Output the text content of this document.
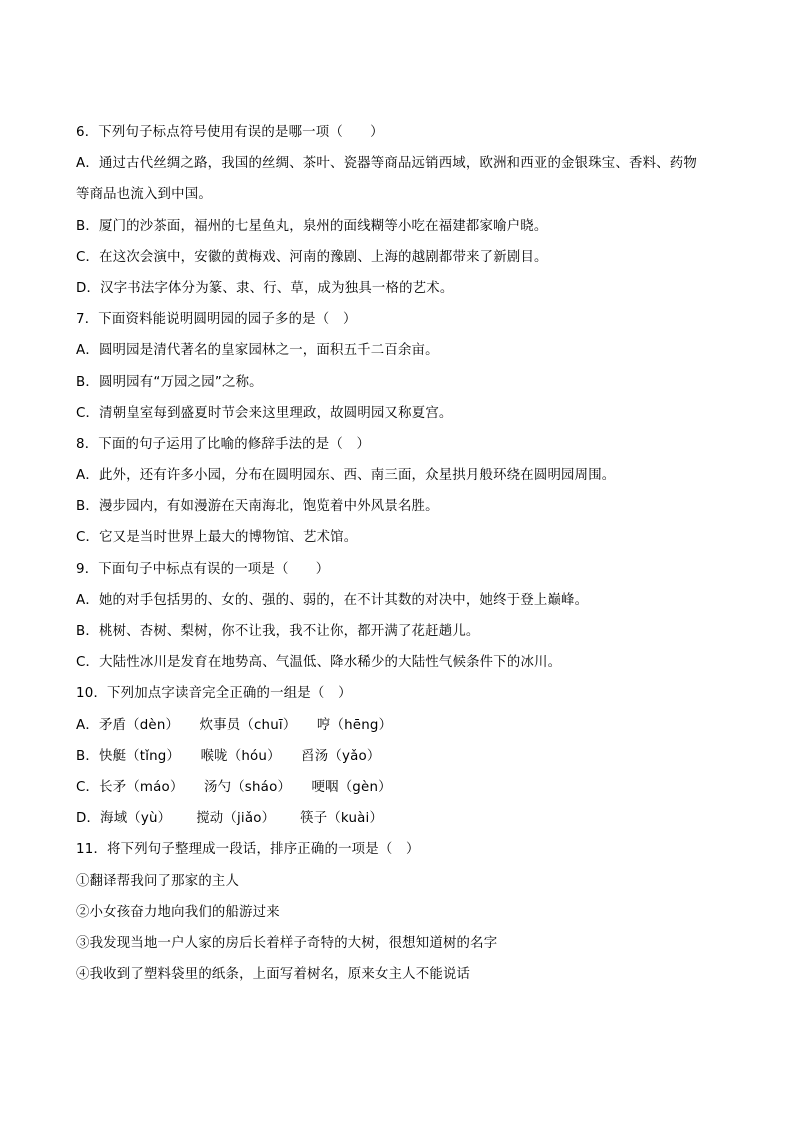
6．下列句子标点符号使用有误的是哪一项（　　）
A．通过古代丝绸之路，我国的丝绸、茶叶、瓷器等商品远销西域，欧洲和西亚的金银珠宝、香料、药物
等商品也流入到中国。
B．厦门的沙茶面，福州的七星鱼丸，泉州的面线糊等小吃在福建都家喻户晓。
C．在这次会演中，安徽的黄梅戏、河南的豫剧、上海的越剧都带来了新剧目。
D．汉字书法字体分为篆、隶、行、草，成为独具一格的艺术。
7．下面资料能说明圆明园的园子多的是（　）
A．圆明园是清代著名的皇家园林之一，面积五千二百余亩。
B．圆明园有“万园之园”之称。
C．清朝皇室每到盛夏时节会来这里理政，故圆明园又称夏宫。
8．下面的句子运用了比喻的修辞手法的是（　）
A．此外，还有许多小园，分布在圆明园东、西、南三面，众星拱月般环绕在圆明园周围。
B．漫步园内，有如漫游在天南海北，饱览着中外风景名胜。
C．它又是当时世界上最大的博物馆、艺术馆。
9．下面句子中标点有误的一项是（　　）
A．她的对手包括男的、女的、强的、弱的，在不计其数的对决中，她终于登上巅峰。
B．桃树、杏树、梨树，你不让我，我不让你，都开满了花赶趟儿。
C．大陆性冰川是发育在地势高、气温低、降水稀少的大陆性气候条件下的冰川。
10．下列加点字读音完全正确的一组是（　）
A．矛盾（dèn）　　炊事员（chuī）　　哼（hēng）
B．快艇（tǐng）　　喉咙（hóu）　　舀汤（yǎo）
C．长矛（máo）　　汤勺（sháo）　　哽咽（gèn）
D．海域（yù）　　 搅动（jiǎo）　　 筷子（kuài）
11．将下列句子整理成一段话，排序正确的一项是（　）
①翻译帮我问了那家的主人
②小女孩奋力地向我们的船游过来
③我发现当地一户人家的房后长着样子奇特的大树，很想知道树的名字
④我收到了塑料袋里的纸条，上面写着树名，原来女主人不能说话
